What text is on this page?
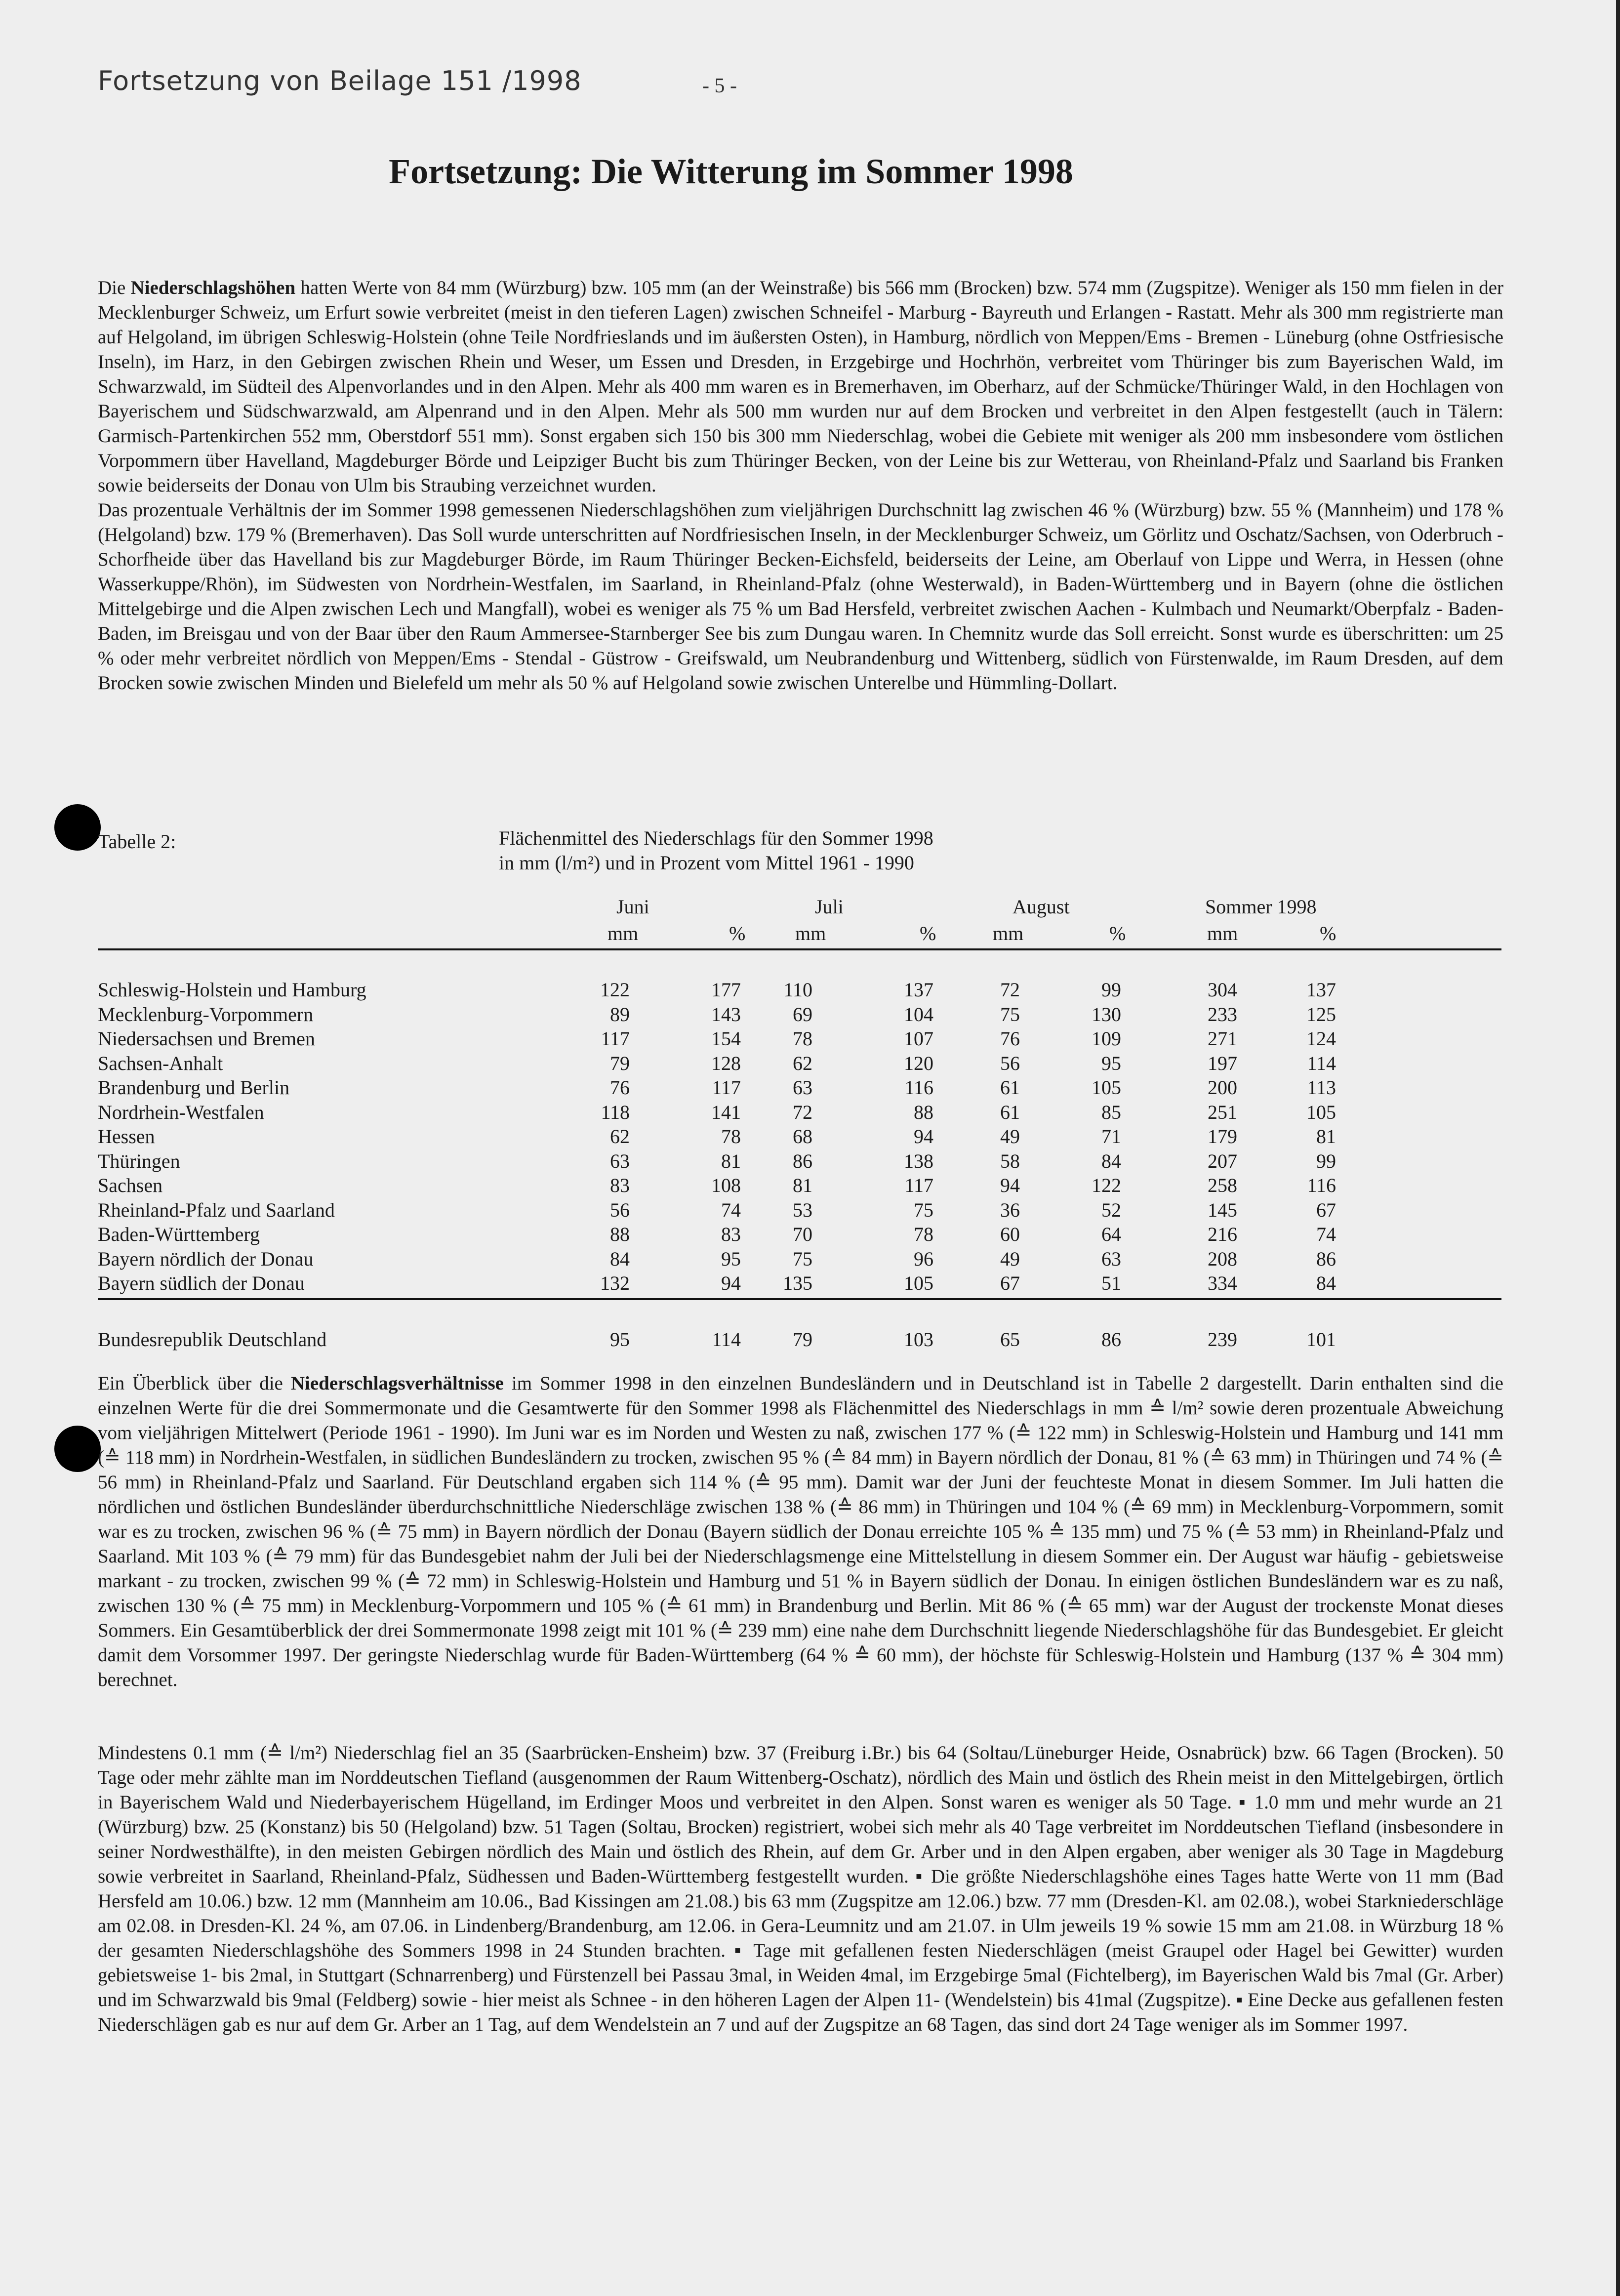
Fortsetzung von Beilage 151 /1998	- 5 -
Fortsetzung: Die Witterung im Sommer 1998

Die Niederschlagshöhen hatten Werte von 84 mm (Würzburg) bzw. 105 mm (an der Weinstraße) bis 566 mm (Brocken) bzw. 574 mm (Zugspitze). Weniger als 150 mm fielen in der Mecklenburger Schweiz, um Erfurt sowie verbreitet (meist in den tieferen Lagen) zwischen Schneifel - Marburg - Bayreuth und Erlangen - Rastatt. Mehr als 300 mm registrierte man auf Helgoland, im übrigen Schleswig-Holstein (ohne Teile Nordfrieslands und im äußersten Osten), in Hamburg, nördlich von Meppen/Ems - Bremen - Lüneburg (ohne Ostfriesische Inseln), im Harz, in den Gebirgen zwischen Rhein und Weser, um Essen und Dresden, in Erzgebirge und Hochrhön, verbreitet vom Thüringer bis zum Bayerischen Wald, im Schwarzwald, im Südteil des Alpenvorlandes und in den Alpen. Mehr als 400 mm waren es in Bremerhaven, im Oberharz, auf der Schmücke/Thüringer Wald, in den Hochlagen von Bayerischem und Südschwarzwald, am Alpenrand und in den Alpen. Mehr als 500 mm wurden nur auf dem Brocken und verbreitet in den Alpen festgestellt (auch in Tälern: Garmisch-Partenkirchen 552 mm, Oberstdorf 551 mm). Sonst ergaben sich 150 bis 300 mm Niederschlag, wobei die Gebiete mit weniger als 200 mm insbesondere vom östlichen Vorpommern über Havelland, Magdeburger Börde und Leipziger Bucht bis zum Thüringer Becken, von der Leine bis zur Wetterau, von Rheinland-Pfalz und Saarland bis Franken sowie beiderseits der Donau von Ulm bis Straubing verzeichnet wurden.
Das prozentuale Verhältnis der im Sommer 1998 gemessenen Niederschlagshöhen zum vieljährigen Durchschnitt lag zwischen 46 % (Würzburg) bzw. 55 % (Mannheim) und 178 % (Helgoland) bzw. 179 % (Bremerhaven). Das Soll wurde unterschritten auf Nordfriesischen Inseln, in der Mecklenburger Schweiz, um Görlitz und Oschatz/Sachsen, von Oderbruch - Schorfheide über das Havelland bis zur Magdeburger Börde, im Raum Thüringer Becken-Eichsfeld, beiderseits der Leine, am Oberlauf von Lippe und Werra, in Hessen (ohne Wasserkuppe/Rhön), im Südwesten von Nordrhein-Westfalen, im Saarland, in Rheinland-Pfalz (ohne Westerwald), in Baden-Württemberg und in Bayern (ohne die östlichen Mittelgebirge und die Alpen zwischen Lech und Mangfall), wobei es weniger als 75 % um Bad Hersfeld, verbreitet zwischen Aachen - Kulmbach und Neumarkt/Oberpfalz - Baden-Baden, im Breisgau und von der Baar über den Raum Ammersee-Starnberger See bis zum Dungau waren. In Chemnitz wurde das Soll erreicht. Sonst wurde es überschritten: um 25 % oder mehr verbreitet nördlich von Meppen/Ems - Stendal - Güstrow - Greifswald, um Neubrandenburg und Wittenberg, südlich von Fürstenwalde, im Raum Dresden, auf dem Brocken sowie zwischen Minden und Bielefeld um mehr als 50 % auf Helgoland sowie zwischen Unterelbe und Hümmling-Dollart.

Tabelle 2:	Flächenmittel des Niederschlags für den Sommer 1998
in mm (l/m²) und in Prozent vom Mittel 1961 - 1990
Juni	Juli	August	Sommer 1998
mm	%	mm	%	mm	%	mm	%
Schleswig-Holstein und Hamburg	122	177	110	137	72	99	304	137
Mecklenburg-Vorpommern	89	143	69	104	75	130	233	125
Niedersachsen und Bremen	117	154	78	107	76	109	271	124
Sachsen-Anhalt	79	128	62	120	56	95	197	114
Brandenburg und Berlin	76	117	63	116	61	105	200	113
Nordrhein-Westfalen	118	141	72	88	61	85	251	105
Hessen	62	78	68	94	49	71	179	81
Thüringen	63	81	86	138	58	84	207	99
Sachsen	83	108	81	117	94	122	258	116
Rheinland-Pfalz und Saarland	56	74	53	75	36	52	145	67
Baden-Württemberg	88	83	70	78	60	64	216	74
Bayern nördlich der Donau	84	95	75	96	49	63	208	86
Bayern südlich der Donau	132	94	135	105	67	51	334	84
Bundesrepublik Deutschland	95	114	79	103	65	86	239	101

Ein Überblick über die Niederschlagsverhältnisse im Sommer 1998 in den einzelnen Bundesländern und in Deutschland ist in Tabelle 2 dargestellt. Darin enthalten sind die einzelnen Werte für die drei Sommermonate und die Gesamtwerte für den Sommer 1998 als Flächenmittel des Niederschlags in mm ≙ l/m² sowie deren prozentuale Abweichung vom vieljährigen Mittelwert (Periode 1961 - 1990). Im Juni war es im Norden und Westen zu naß, zwischen 177 % (≙ 122 mm) in Schleswig-Holstein und Hamburg und 141 mm (≙ 118 mm) in Nordrhein-Westfalen, in südlichen Bundesländern zu trocken, zwischen 95 % (≙ 84 mm) in Bayern nördlich der Donau, 81 % (≙ 63 mm) in Thüringen und 74 % (≙ 56 mm) in Rheinland-Pfalz und Saarland. Für Deutschland ergaben sich 114 % (≙ 95 mm). Damit war der Juni der feuchteste Monat in diesem Sommer. Im Juli hatten die nördlichen und östlichen Bundesländer überdurchschnittliche Niederschläge zwischen 138 % (≙ 86 mm) in Thüringen und 104 % (≙ 69 mm) in Mecklenburg-Vorpommern, somit war es zu trocken, zwischen 96 % (≙ 75 mm) in Bayern nördlich der Donau (Bayern südlich der Donau erreichte 105 % ≙ 135 mm) und 75 % (≙ 53 mm) in Rheinland-Pfalz und Saarland. Mit 103 % (≙ 79 mm) für das Bundesgebiet nahm der Juli bei der Niederschlagsmenge eine Mittelstellung in diesem Sommer ein. Der August war häufig - gebietsweise markant - zu trocken, zwischen 99 % (≙ 72 mm) in Schleswig-Holstein und Hamburg und 51 % in Bayern südlich der Donau. In einigen östlichen Bundesländern war es zu naß, zwischen 130 % (≙ 75 mm) in Mecklenburg-Vorpommern und 105 % (≙ 61 mm) in Brandenburg und Berlin. Mit 86 % (≙ 65 mm) war der August der trockenste Monat dieses Sommers. Ein Gesamtüberblick der drei Sommermonate 1998 zeigt mit 101 % (≙ 239 mm) eine nahe dem Durchschnitt liegende Niederschlagshöhe für das Bundesgebiet. Er gleicht damit dem Vorsommer 1997. Der geringste Niederschlag wurde für Baden-Württemberg (64 % ≙ 60 mm), der höchste für Schleswig-Holstein und Hamburg (137 % ≙ 304 mm) berechnet.

Mindestens 0.1 mm (≙ l/m²) Niederschlag fiel an 35 (Saarbrücken-Ensheim) bzw. 37 (Freiburg i.Br.) bis 64 (Soltau/Lüneburger Heide, Osnabrück) bzw. 66 Tagen (Brocken). 50 Tage oder mehr zählte man im Norddeutschen Tiefland (ausgenommen der Raum Wittenberg-Oschatz), nördlich des Main und östlich des Rhein meist in den Mittelgebirgen, örtlich in Bayerischem Wald und Niederbayerischem Hügelland, im Erdinger Moos und verbreitet in den Alpen. Sonst waren es weniger als 50 Tage. ▪ 1.0 mm und mehr wurde an 21 (Würzburg) bzw. 25 (Konstanz) bis 50 (Helgoland) bzw. 51 Tagen (Soltau, Brocken) registriert, wobei sich mehr als 40 Tage verbreitet im Norddeutschen Tiefland (insbesondere in seiner Nordwesthälfte), in den meisten Gebirgen nördlich des Main und östlich des Rhein, auf dem Gr. Arber und in den Alpen ergaben, aber weniger als 30 Tage in Magdeburg sowie verbreitet in Saarland, Rheinland-Pfalz, Südhessen und Baden-Württemberg festgestellt wurden. ▪ Die größte Niederschlagshöhe eines Tages hatte Werte von 11 mm (Bad Hersfeld am 10.06.) bzw. 12 mm (Mannheim am 10.06., Bad Kissingen am 21.08.) bis 63 mm (Zugspitze am 12.06.) bzw. 77 mm (Dresden-Kl. am 02.08.), wobei Starkniederschläge am 02.08. in Dresden-Kl. 24 %, am 07.06. in Lindenberg/Brandenburg, am 12.06. in Gera-Leumnitz und am 21.07. in Ulm jeweils 19 % sowie 15 mm am 21.08. in Würzburg 18 % der gesamten Niederschlagshöhe des Sommers 1998 in 24 Stunden brachten. ▪ Tage mit gefallenen festen Niederschlägen (meist Graupel oder Hagel bei Gewitter) wurden gebietsweise 1- bis 2mal, in Stuttgart (Schnarrenberg) und Fürstenzell bei Passau 3mal, in Weiden 4mal, im Erzgebirge 5mal (Fichtelberg), im Bayerischen Wald bis 7mal (Gr. Arber) und im Schwarzwald bis 9mal (Feldberg) sowie - hier meist als Schnee - in den höheren Lagen der Alpen 11- (Wendelstein) bis 41mal (Zugspitze). ▪ Eine Decke aus gefallenen festen Niederschlägen gab es nur auf dem Gr. Arber an 1 Tag, auf dem Wendelstein an 7 und auf der Zugspitze an 68 Tagen, das sind dort 24 Tage weniger als im Sommer 1997.
